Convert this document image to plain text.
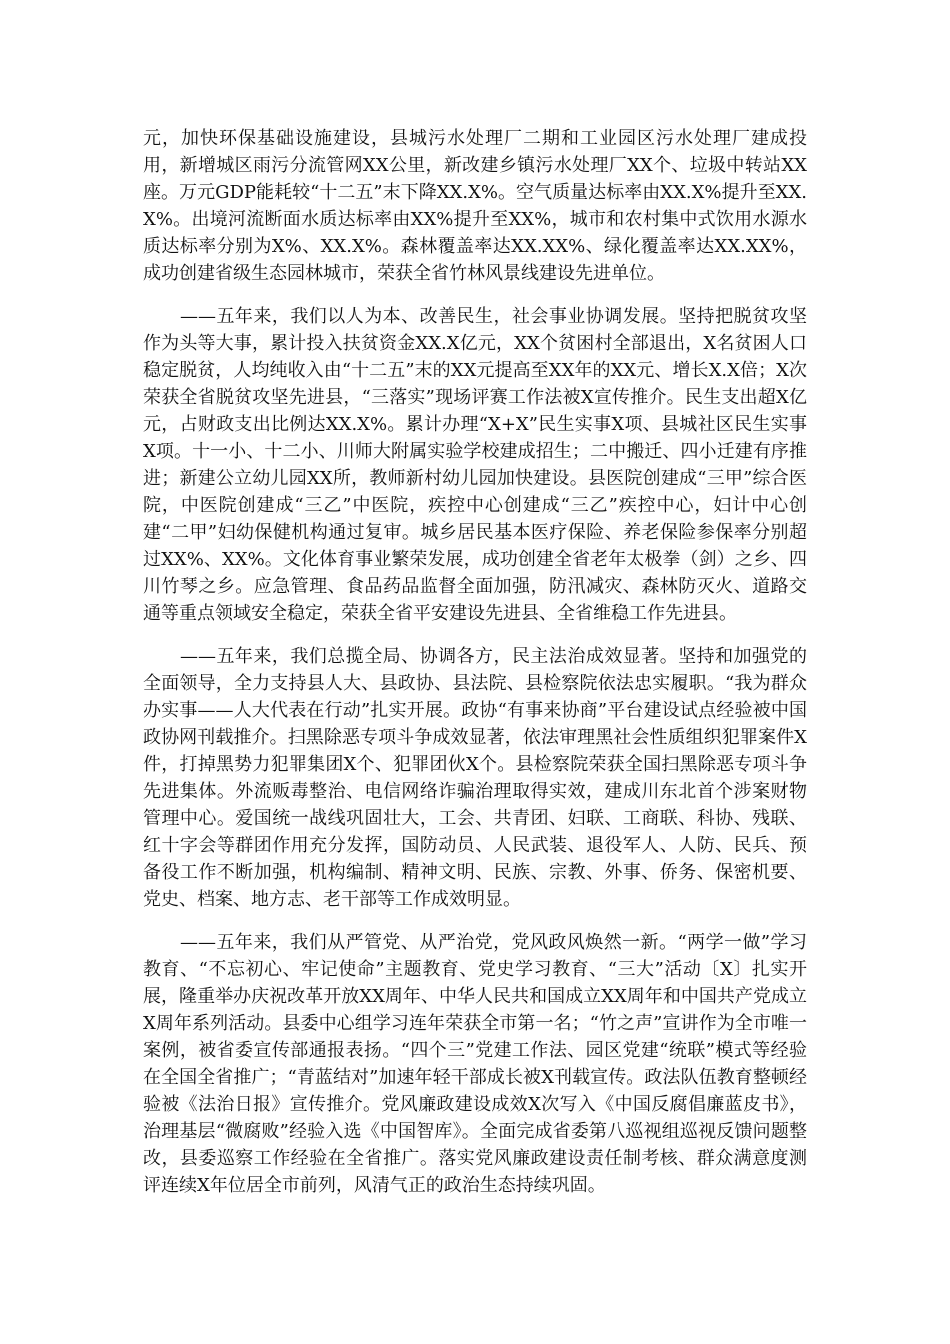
元，加快环保基础设施建设，县城污水处理厂二期和工业园区污水处理厂建成投用，新增城区雨污分流管网XX公里，新改建乡镇污水处理厂XX个、垃圾中转站XX座。万元GDP能耗较“十二五”末下降XX.X%。空气质量达标率由XX.X%提升至XX.X%。出境河流断面水质达标率由XX%提升至XX%，城市和农村集中式饮用水源水质达标率分别为X%、XX.X%。森林覆盖率达XX.XX%、绿化覆盖率达XX.XX%，成功创建省级生态园林城市，荣获全省竹林风景线建设先进单位。

——五年来，我们以人为本、改善民生，社会事业协调发展。坚持把脱贫攻坚作为头等大事，累计投入扶贫资金XX.X亿元，XX个贫困村全部退出，X名贫困人口稳定脱贫，人均纯收入由“十二五”末的XX元提高至XX年的XX元、增长X.X倍；X次荣获全省脱贫攻坚先进县，“三落实”现场评赛工作法被X宣传推介。民生支出超X亿元，占财政支出比例达XX.X%。累计办理“X+X”民生实事X项、县城社区民生实事X项。十一小、十二小、川师大附属实验学校建成招生；二中搬迁、四小迁建有序推进；新建公立幼儿园XX所，教师新村幼儿园加快建设。县医院创建成“三甲”综合医院，中医院创建成“三乙”中医院，疾控中心创建成“三乙”疾控中心，妇计中心创建“二甲”妇幼保健机构通过复审。城乡居民基本医疗保险、养老保险参保率分别超过XX%、XX%。文化体育事业繁荣发展，成功创建全省老年太极拳（剑）之乡、四川竹琴之乡。应急管理、食品药品监督全面加强，防汛减灾、森林防灭火、道路交通等重点领域安全稳定，荣获全省平安建设先进县、全省维稳工作先进县。

——五年来，我们总揽全局、协调各方，民主法治成效显著。坚持和加强党的全面领导，全力支持县人大、县政协、县法院、县检察院依法忠实履职。“我为群众办实事——人大代表在行动”扎实开展。政协“有事来协商”平台建设试点经验被中国政协网刊载推介。扫黑除恶专项斗争成效显著，依法审理黑社会性质组织犯罪案件X件，打掉黑势力犯罪集团X个、犯罪团伙X个。县检察院荣获全国扫黑除恶专项斗争先进集体。外流贩毒整治、电信网络诈骗治理取得实效，建成川东北首个涉案财物管理中心。爱国统一战线巩固壮大，工会、共青团、妇联、工商联、科协、残联、红十字会等群团作用充分发挥，国防动员、人民武装、退役军人、人防、民兵、预备役工作不断加强，机构编制、精神文明、民族、宗教、外事、侨务、保密机要、党史、档案、地方志、老干部等工作成效明显。

——五年来，我们从严管党、从严治党，党风政风焕然一新。“两学一做”学习教育、“不忘初心、牢记使命”主题教育、党史学习教育、“三大”活动〔X〕扎实开展，隆重举办庆祝改革开放XX周年、中华人民共和国成立XX周年和中国共产党成立X周年系列活动。县委中心组学习连年荣获全市第一名；“竹之声”宣讲作为全市唯一案例，被省委宣传部通报表扬。“四个三”党建工作法、园区党建“统联”模式等经验在全国全省推广；“青蓝结对”加速年轻干部成长被X刊载宣传。政法队伍教育整顿经验被《法治日报》宣传推介。党风廉政建设成效X次写入《中国反腐倡廉蓝皮书》，治理基层“微腐败”经验入选《中国智库》。全面完成省委第八巡视组巡视反馈问题整改，县委巡察工作经验在全省推广。落实党风廉政建设责任制考核、群众满意度测评连续X年位居全市前列，风清气正的政治生态持续巩固。
